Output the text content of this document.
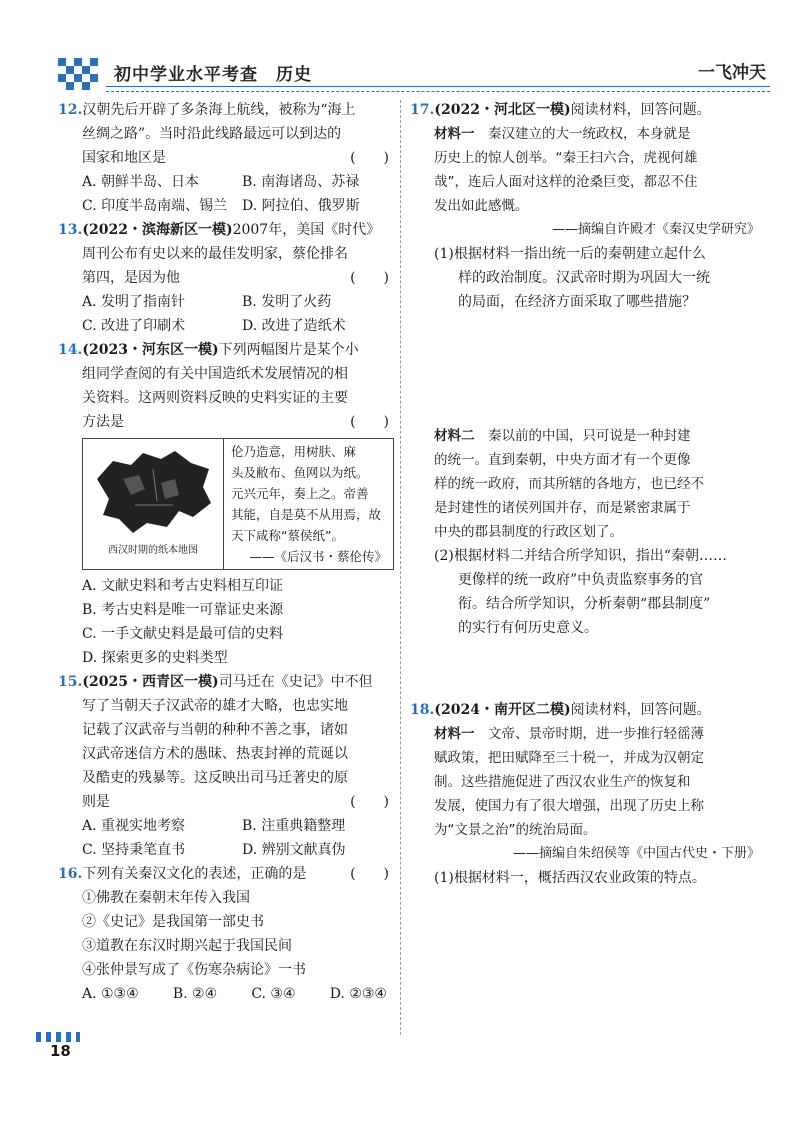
初中学业水平考查　历史	一飞冲天
12.汉朝先后开辟了多条海上航线，被称为“海上
丝绸之路”。当时沿此线路最远可以到达的
国家和地区是	(　　)
A. 朝鲜半岛、日本	B. 南海诸岛、苏禄
C. 印度半岛南端、锡兰	D. 阿拉伯、俄罗斯
13.(2022・滨海新区一模)2007年，美国《时代》
周刊公布有史以来的最佳发明家，蔡伦排名
第四，是因为他	(　　)
A. 发明了指南针	B. 发明了火药
C. 改进了印刷术	D. 改进了造纸术
14.(2023・河东区一模)下列两幅图片是某个小
组同学查阅的有关中国造纸术发展情况的相
关资料。这两则资料反映的史料实证的主要
方法是	(　　)
西汉时期的纸本地图
伦乃造意，用树肤、麻
头及敝布、鱼网以为纸。
元兴元年，奏上之。帝善
其能，自是莫不从用焉，故
天下咸称“蔡侯纸”。
——《后汉书・蔡伦传》
A. 文献史料和考古史料相互印证
B. 考古史料是唯一可靠证史来源
C. 一手文献史料是最可信的史料
D. 探索更多的史料类型
15.(2025・西青区一模)司马迁在《史记》中不但
写了当朝天子汉武帝的雄才大略，也忠实地
记载了汉武帝与当朝的种种不善之事，诸如
汉武帝迷信方术的愚昧、热衷封禅的荒诞以
及酷吏的残暴等。这反映出司马迁著史的原
则是	(　　)
A. 重视实地考察	B. 注重典籍整理
C. 坚持秉笔直书	D. 辨别文献真伪
16.下列有关秦汉文化的表述，正确的是	(　　)
①佛教在秦朝末年传入我国
②《史记》是我国第一部史书
③道教在东汉时期兴起于我国民间
④张仲景写成了《伤寒杂病论》一书
A. ①③④ B. ②④ C. ③④ D. ②③④
17.(2022・河北区一模)阅读材料，回答问题。
材料一　 秦汉建立的大一统政权，本身就是
历史上的惊人创举。“秦王扫六合，虎视何雄
哉”，连后人面对这样的沧桑巨变，都忍不住
发出如此感慨。
——摘编自许殿才《秦汉史学研究》
(1)根据材料一指出统一后的秦朝建立起什么
样的政治制度。汉武帝时期为巩固大一统
的局面，在经济方面采取了哪些措施？
材料二　 秦以前的中国，只可说是一种封建
的统一。直到秦朝，中央方面才有一个更像
样的统一政府，而其所辖的各地方，也已经不
是封建性的诸侯列国并存，而是紧密隶属于
中央的郡县制度的行政区划了。
(2)根据材料二并结合所学知识，指出“秦朝……
更像样的统一政府”中负责监察事务的官
衔。结合所学知识，分析秦朝“郡县制度”
的实行有何历史意义。
18.(2024・南开区二模)阅读材料，回答问题。
材料一　 文帝、景帝时期，进一步推行轻徭薄
赋政策，把田赋降至三十税一，并成为汉朝定
制。这些措施促进了西汉农业生产的恢复和
发展，使国力有了很大增强，出现了历史上称
为“文景之治”的统治局面。
——摘编自朱绍侯等《中国古代史・下册》
(1)根据材料一，概括西汉农业政策的特点。
18
